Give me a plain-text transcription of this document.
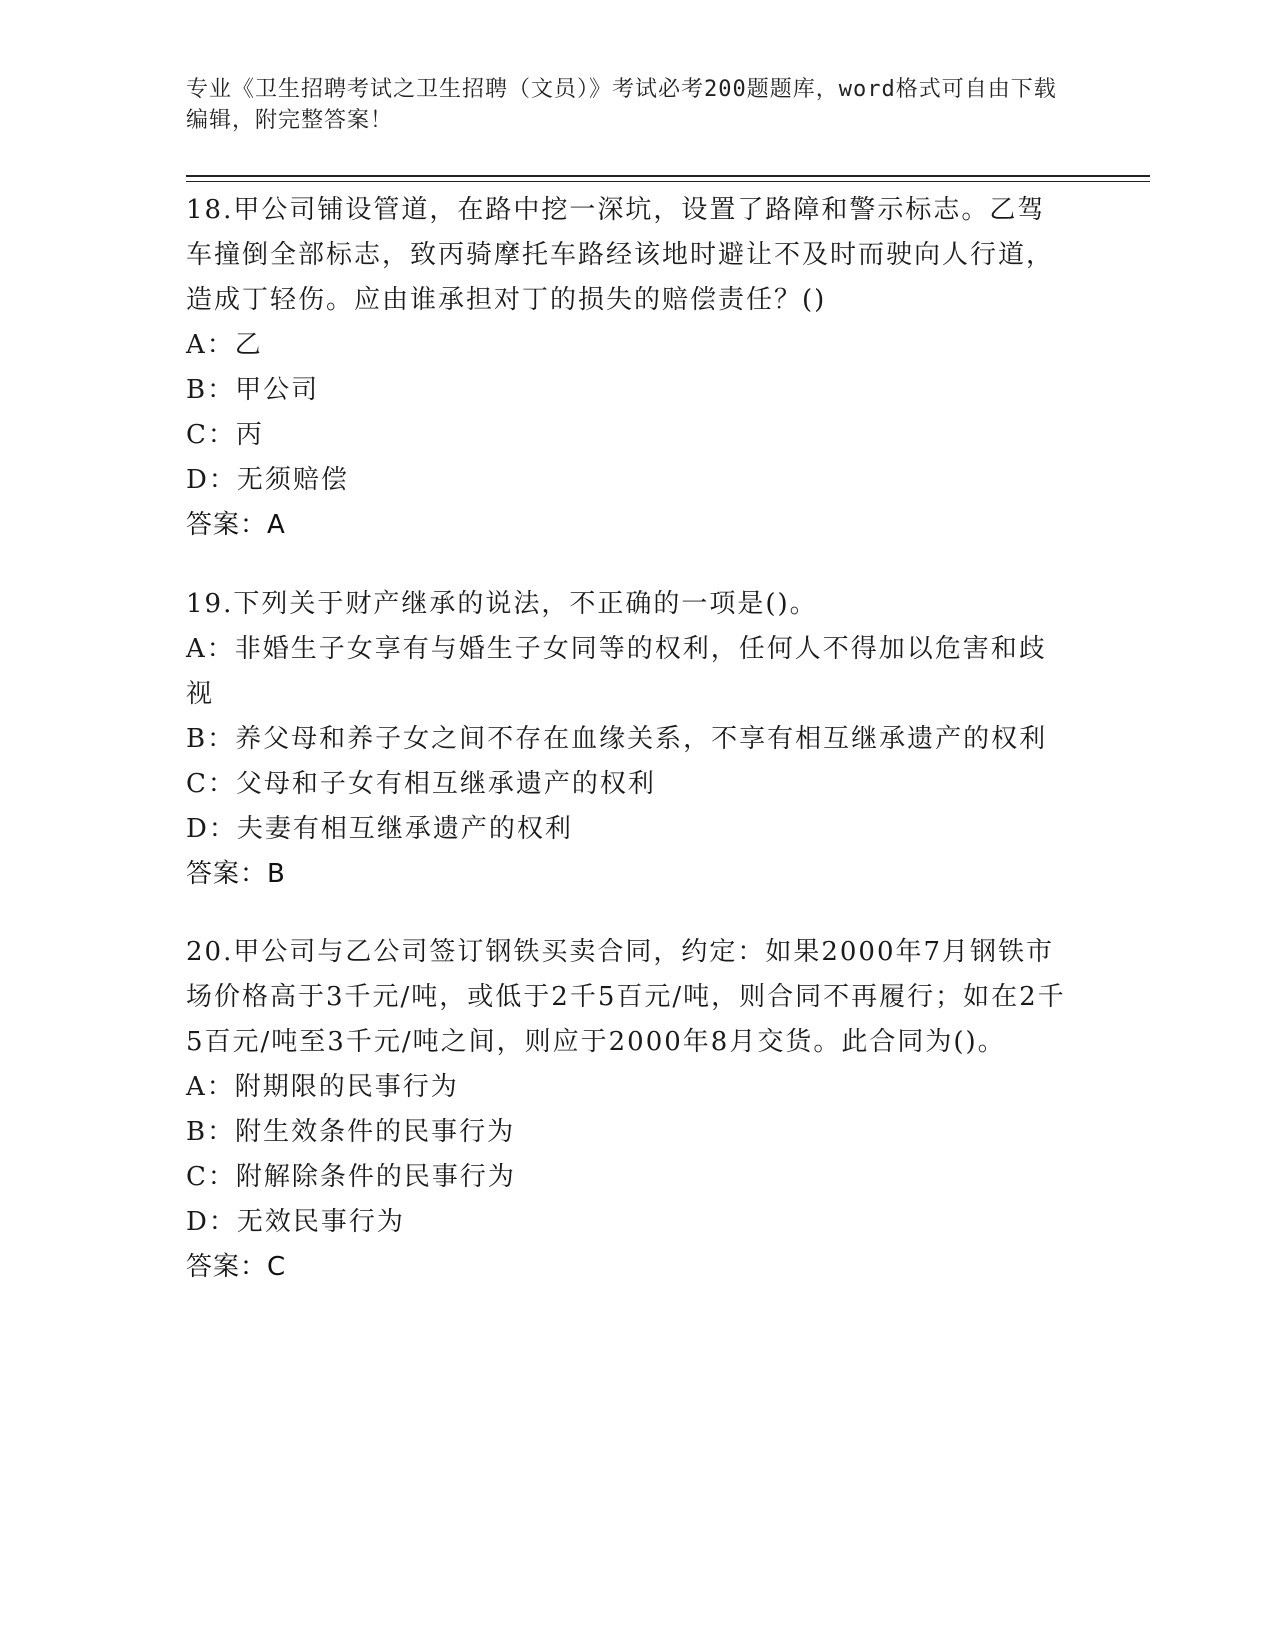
专业《卫生招聘考试之卫生招聘（文员）》考试必考200题题库，word格式可自由下载编辑，附完整答案！
18.甲公司铺设管道，在路中挖一深坑，设置了路障和警示标志。乙驾车撞倒全部标志，致丙骑摩托车路经该地时避让不及时而驶向人行道，造成丁轻伤。应由谁承担对丁的损失的赔偿责任？()
A：乙
B：甲公司
C：丙
D：无须赔偿
答案：A
19.下列关于财产继承的说法，不正确的一项是()。
A：非婚生子女享有与婚生子女同等的权利，任何人不得加以危害和歧视
B：养父母和养子女之间不存在血缘关系，不享有相互继承遗产的权利
C：父母和子女有相互继承遗产的权利
D：夫妻有相互继承遗产的权利
答案：B
20.甲公司与乙公司签订钢铁买卖合同，约定：如果2000年7月钢铁市场价格高于3千元/吨，或低于2千5百元/吨，则合同不再履行；如在2千5百元/吨至3千元/吨之间，则应于2000年8月交货。此合同为()。
A：附期限的民事行为
B：附生效条件的民事行为
C：附解除条件的民事行为
D：无效民事行为
答案：C
